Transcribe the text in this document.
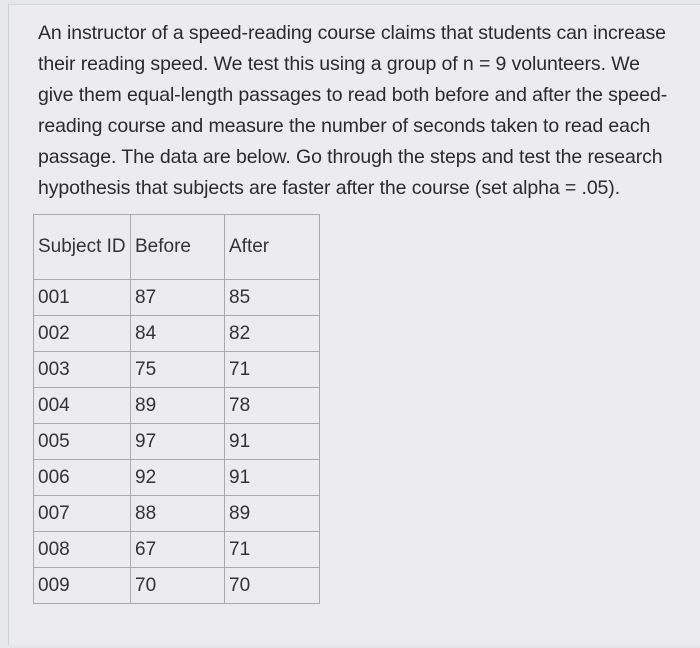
An instructor of a speed-reading course claims that students can increase
their reading speed. We test this using a group of n = 9 volunteers. We
give them equal-length passages to read both before and after the speed-
reading course and measure the number of seconds taken to read each
passage. The data are below. Go through the steps and test the research
hypothesis that subjects are faster after the course (set alpha = .05).

Subject ID	Before	After
001	87	85
002	84	82
003	75	71
004	89	78
005	97	91
006	92	91
007	88	89
008	67	71
009	70	70
